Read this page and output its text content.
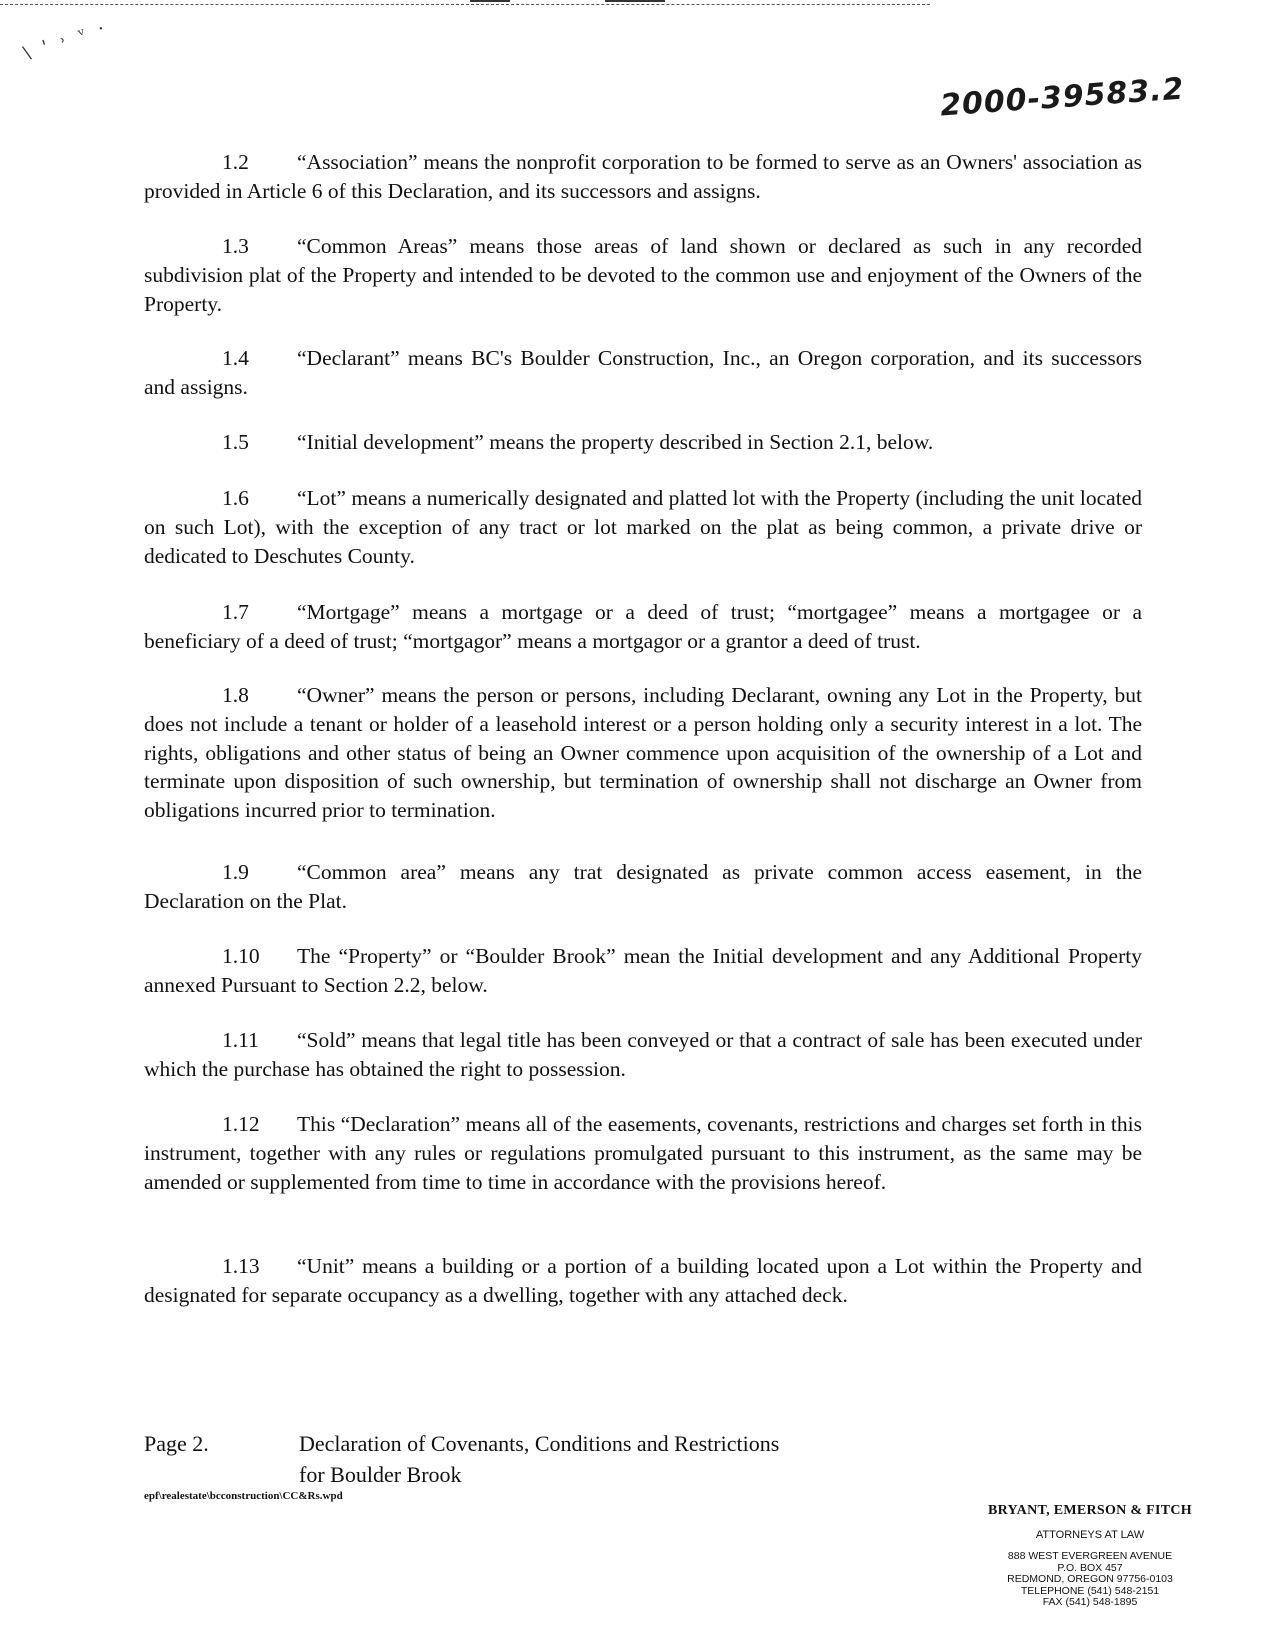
\ ' ˒ ᵛ ·
2000-39583.2

1.2 “Association” means the nonprofit corporation to be formed to serve as an Owners' association as provided in Article 6 of this Declaration, and its successors and assigns.

1.3 “Common Areas” means those areas of land shown or declared as such in any recorded subdivision plat of the Property and intended to be devoted to the common use and enjoyment of the Owners of the Property.

1.4 “Declarant” means BC's Boulder Construction, Inc., an Oregon corporation, and its successors and assigns.

1.5 “Initial development” means the property described in Section 2.1, below.

1.6 “Lot” means a numerically designated and platted lot with the Property (including the unit located on such Lot), with the exception of any tract or lot marked on the plat as being common, a private drive or dedicated to Deschutes County.

1.7 “Mortgage” means a mortgage or a deed of trust; “mortgagee” means a mortgagee or a beneficiary of a deed of trust; “mortgagor” means a mortgagor or a grantor a deed of trust.

1.8 “Owner” means the person or persons, including Declarant, owning any Lot in the Property, but does not include a tenant or holder of a leasehold interest or a person holding only a security interest in a lot. The rights, obligations and other status of being an Owner commence upon acquisition of the ownership of a Lot and terminate upon disposition of such ownership, but termination of ownership shall not discharge an Owner from obligations incurred prior to termination.

1.9 “Common area” means any trat designated as private common access easement, in the Declaration on the Plat.

1.10 The “Property” or “Boulder Brook” mean the Initial development and any Additional Property annexed Pursuant to Section 2.2, below.

1.11 “Sold” means that legal title has been conveyed or that a contract of sale has been executed under which the purchase has obtained the right to possession.

1.12 This “Declaration” means all of the easements, covenants, restrictions and charges set forth in this instrument, together with any rules or regulations promulgated pursuant to this instrument, as the same may be amended or supplemented from time to time in accordance with the provisions hereof.

1.13 “Unit” means a building or a portion of a building located upon a Lot within the Property and designated for separate occupancy as a dwelling, together with any attached deck.

Page 2.	Declaration of Covenants, Conditions and Restrictions
for Boulder Brook
epf\realestate\bcconstruction\CC&Rs.wpd
BRYANT, EMERSON & FITCH
ATTORNEYS AT LAW
888 WEST EVERGREEN AVENUE
P.O. BOX 457
REDMOND, OREGON 97756-0103
TELEPHONE (541) 548-2151
FAX (541) 548-1895
